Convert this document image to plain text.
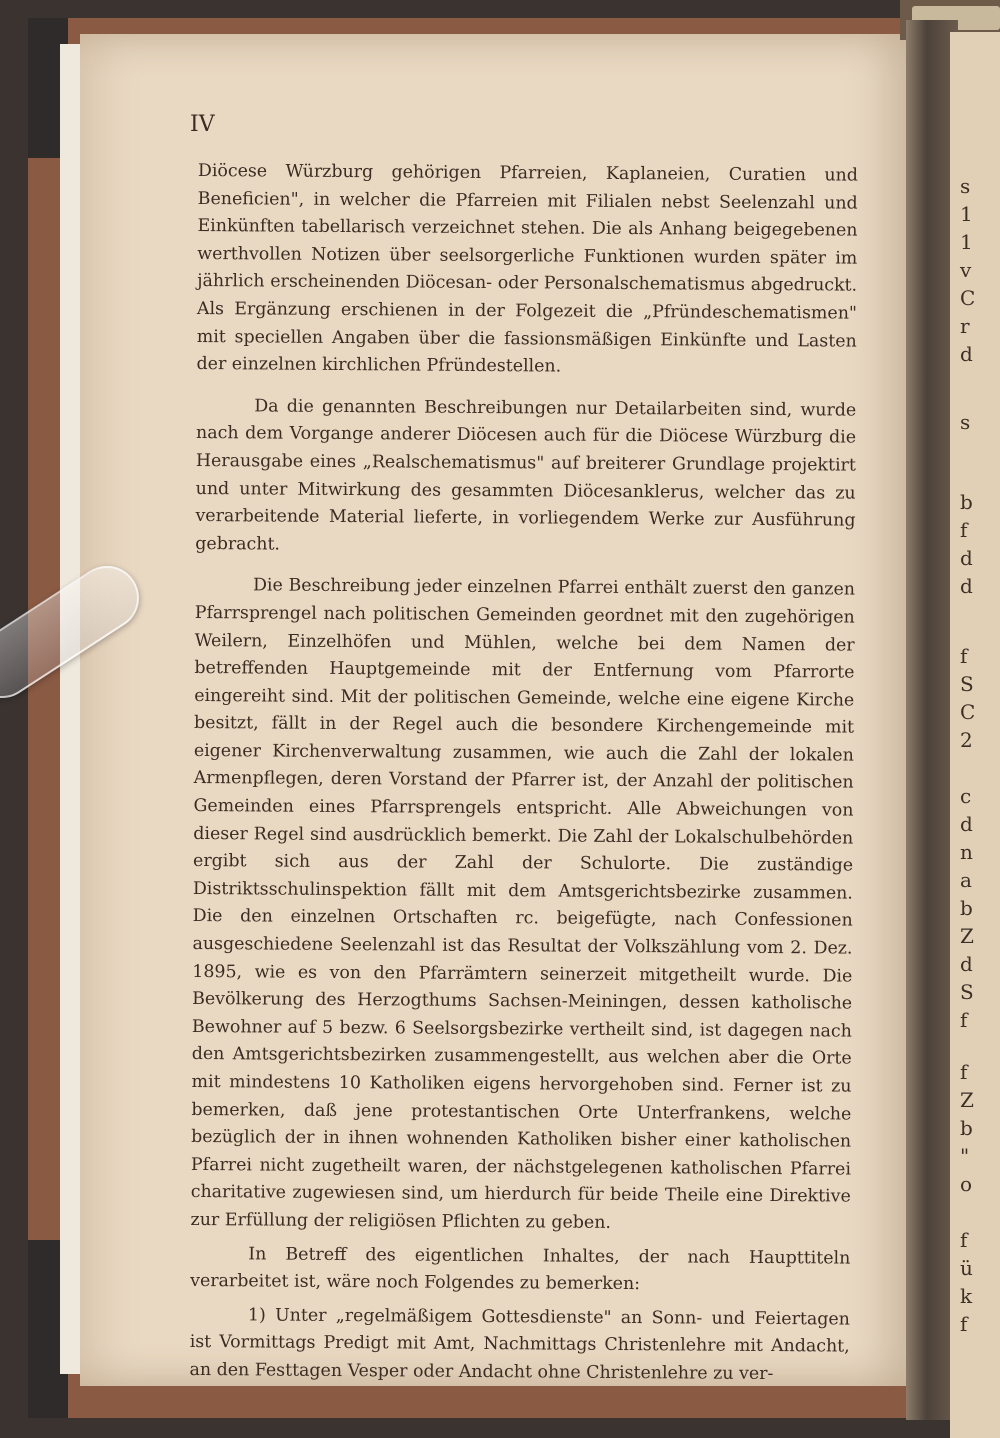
s
1
1
v
C
r
d
s
b
f
d
d
f
S
C
2
c
d
n
a
b
Z
d
S
f
f
Z
b
"
o
f
ü
k
f
IV

Diöcese Würzburg gehörigen Pfarreien, Kaplaneien, Curatien und Beneficien", in welcher die Pfarreien mit Filialen nebst Seelenzahl und Einkünften tabellarisch verzeichnet stehen. Die als Anhang beigegebenen werthvollen Notizen über seelsorgerliche Funktionen wurden später im jährlich erscheinenden Diöcesan- oder Personalschematismus abgedruckt. Als Ergänzung erschienen in der Folgezeit die „Pfründeschematismen" mit speciellen Angaben über die fassionsmäßigen Einkünfte und Lasten der einzelnen kirchlichen Pfründestellen.

Da die genannten Beschreibungen nur Detailarbeiten sind, wurde nach dem Vorgange anderer Diöcesen auch für die Diöcese Würzburg die Herausgabe eines „Realschematismus" auf breiterer Grundlage projektirt und unter Mitwirkung des gesammten Diöcesanklerus, welcher das zu verarbeitende Material lieferte, in vorliegendem Werke zur Ausführung gebracht.

Die Beschreibung jeder einzelnen Pfarrei enthält zuerst den ganzen Pfarrsprengel nach politischen Gemeinden geordnet mit den zugehörigen Weilern, Einzelhöfen und Mühlen, welche bei dem Namen der betreffenden Hauptgemeinde mit der Entfernung vom Pfarrorte eingereiht sind. Mit der politischen Gemeinde, welche eine eigene Kirche besitzt, fällt in der Regel auch die besondere Kirchengemeinde mit eigener Kirchenverwaltung zusammen, wie auch die Zahl der lokalen Armenpflegen, deren Vorstand der Pfarrer ist, der Anzahl der politischen Gemeinden eines Pfarrsprengels entspricht. Alle Abweichungen von dieser Regel sind ausdrücklich bemerkt. Die Zahl der Lokalschulbehörden ergibt sich aus der Zahl der Schulorte. Die zuständige Distriktsschulinspektion fällt mit dem Amtsgerichtsbezirke zusammen. Die den einzelnen Ortschaften rc. beigefügte, nach Confessionen ausgeschiedene Seelenzahl ist das Resultat der Volkszählung vom 2. Dez. 1895, wie es von den Pfarrämtern seinerzeit mitgetheilt wurde. Die Bevölkerung des Herzogthums Sachsen-Meiningen, dessen katholische Bewohner auf 5 bezw. 6 Seelsorgsbezirke vertheilt sind, ist dagegen nach den Amtsgerichtsbezirken zusammengestellt, aus welchen aber die Orte mit mindestens 10 Katholiken eigens hervorgehoben sind. Ferner ist zu bemerken, daß jene protestantischen Orte Unterfrankens, welche bezüglich der in ihnen wohnenden Katholiken bisher einer katholischen Pfarrei nicht zugetheilt waren, der nächstgelegenen katholischen Pfarrei charitative zugewiesen sind, um hierdurch für beide Theile eine Direktive zur Erfüllung der religiösen Pflichten zu geben.

In Betreff des eigentlichen Inhaltes, der nach Haupttiteln verarbeitet ist, wäre noch Folgendes zu bemerken:

1) Unter „regelmäßigem Gottesdienste" an Sonn- und Feiertagen ist Vormittags Predigt mit Amt, Nachmittags Christenlehre mit Andacht, an den Festtagen Vesper oder Andacht ohne Christenlehre zu ver-
